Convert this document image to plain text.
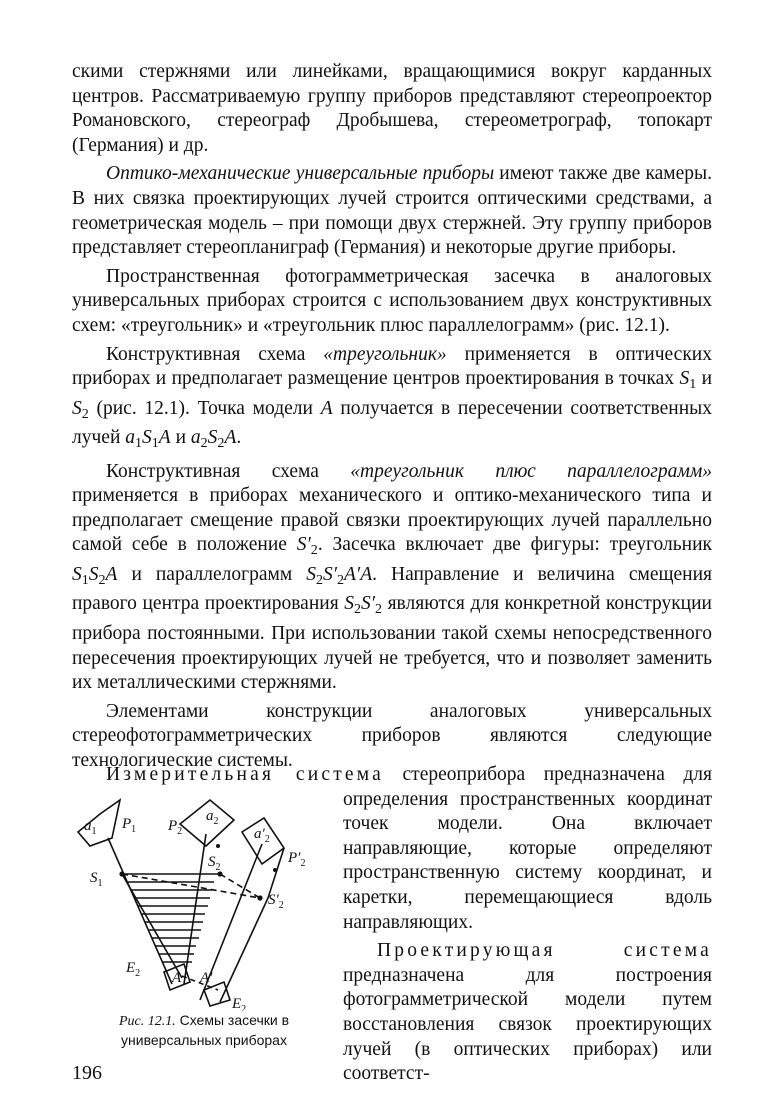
скими стержнями или линейками, вращающимися вокруг карданных центров. Рассматриваемую группу приборов представляют стереопроектор Романовского, стереограф Дробышева, стереометрограф, топокарт (Германия) и др.

Оптико-механические универсальные приборы имеют также две камеры. В них связка проектирующих лучей строится оптическими средствами, а геометрическая модель – при помощи двух стержней. Эту группу приборов представляет стереопланиграф (Германия) и некоторые другие приборы.

Пространственная фотограмметрическая засечка в аналоговых универсальных приборах строится с использованием двух конструктивных схем: «треугольник» и «треугольник плюс параллелограмм» (рис. 12.1).

Конструктивная схема «треугольник» применяется в оптических приборах и предполагает размещение центров проектирования в точках $S_1$ и $S_2$ (рис. 12.1). Точка модели A получается в пересечении соответственных лучей $a_1S_1A$ и $a_2S_2A$.

Конструктивная схема «треугольник плюс параллелограмм» применяется в приборах механического и оптико-механического типа и предполагает смещение правой связки проектирующих лучей параллельно самой себе в положение $S'_2$. Засечка включает две фигуры: треугольник $S_1S_2A$ и параллелограмм $S_2S'_2A'A$. Направление и величина смещения правого центра проектирования $S_2S'_2$ являются для конкретной конструкции прибора постоянными. При использовании такой схемы непосредственного пересечения проектирующих лучей не требуется, что и позволяет заменить их металлическими стержнями.

Элементами конструкции аналоговых универсальных стереофотограмметрических приборов являются следующие технологические системы.

Измерительная система стереоприбора предназначена для определения пространственных координат точек модели. Она включает направляющие, которые определяют пространственную систему координат, и каретки, перемещающиеся вдоль направляющих.

Проектирующая система предназначена для построения фотограмметрической модели путем восстановления связок проектирующих лучей (в оптических приборах) или соответст-

$a_1$ $P_1$ $P_2$
$a_2$
$a'_2$
$P'_2$
$S_2$
$S_1$
$S'_2$
$E_2$ A A′
$E_2$
Рис. 12.1. Схемы засечки в универсальных приборах
196
